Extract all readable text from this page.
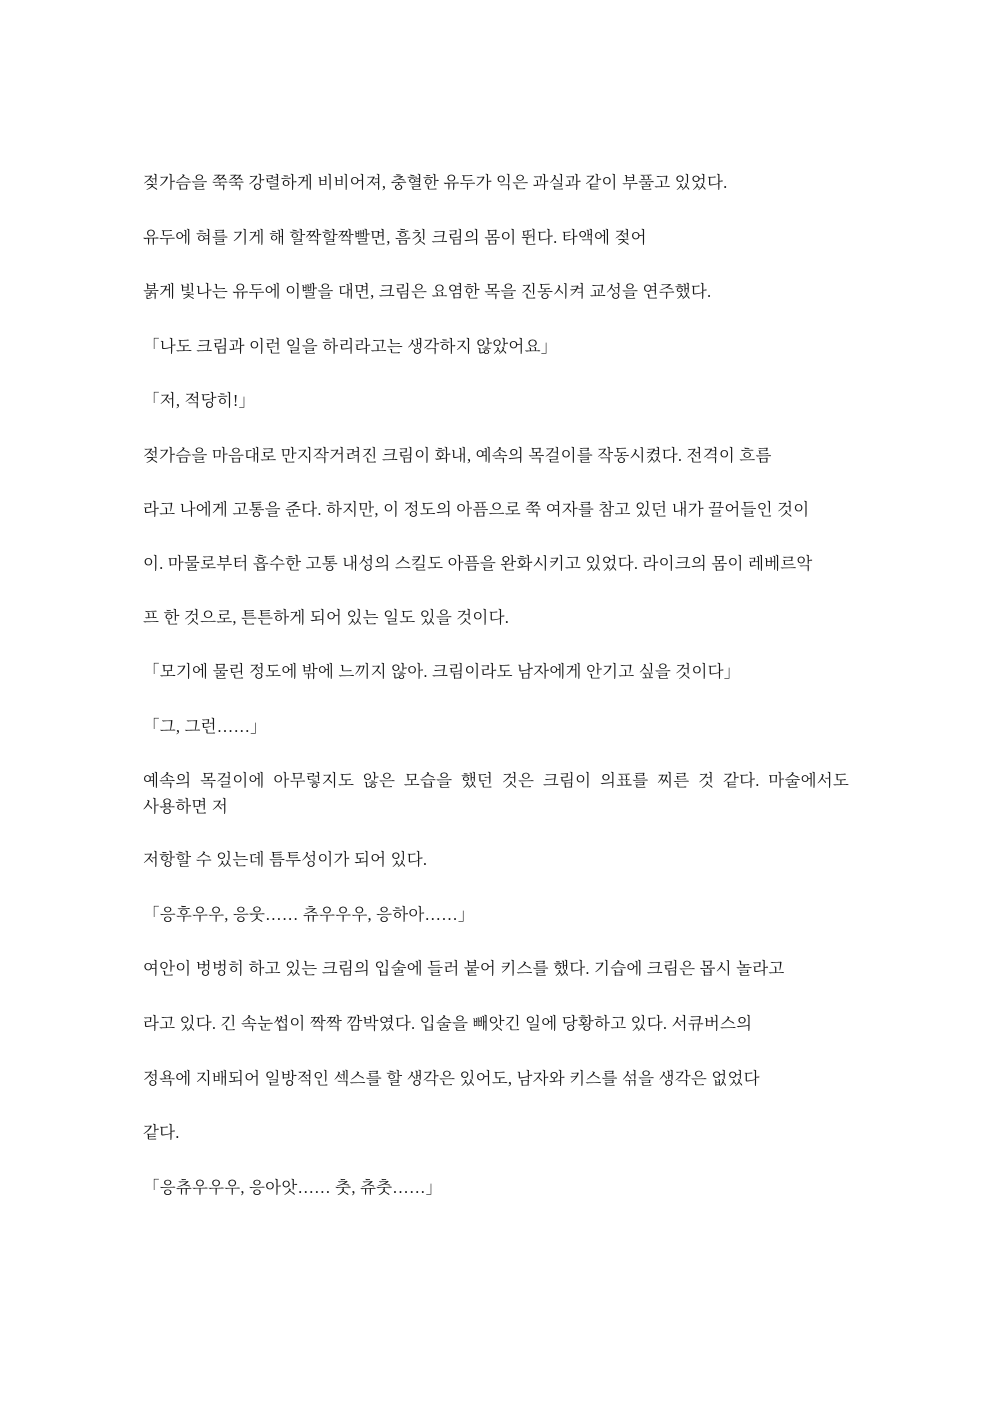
젖가슴을 쭉쭉 강렬하게 비비어져, 충혈한 유두가 익은 과실과 같이 부풀고 있었다.

유두에 혀를 기게 해 할짝할짝빨면, 흠칫 크림의 몸이 뛴다. 타액에 젖어

붉게 빛나는 유두에 이빨을 대면, 크림은 요염한 목을 진동시켜 교성을 연주했다.

「나도 크림과 이런 일을 하리라고는 생각하지 않았어요」

「저, 적당히!」

젖가슴을 마음대로 만지작거려진 크림이 화내, 예속의 목걸이를 작동시켰다. 전격이 흐름

라고 나에게 고통을 준다. 하지만, 이 정도의 아픔으로 쭉 여자를 참고 있던 내가 끌어들인 것이

이. 마물로부터 흡수한 고통 내성의 스킬도 아픔을 완화시키고 있었다. 라이크의 몸이 레베르악

프 한 것으로, 튼튼하게 되어 있는 일도 있을 것이다.

「모기에 물린 정도에 밖에 느끼지 않아. 크림이라도 남자에게 안기고 싶을 것이다」

「그, 그런……」

예속의 목걸이에 아무렇지도 않은 모습을 했던 것은 크림이 의표를 찌른 것 같다. 마술에서도 사용하면 저

저항할 수 있는데 틈투성이가 되어 있다.

「응후우우, 응웃…… 츄우우우, 응하아……」

여안이 벙벙히 하고 있는 크림의 입술에 들러 붙어 키스를 했다. 기습에 크림은 몹시 놀라고

라고 있다. 긴 속눈썹이 짝짝 깜박였다. 입술을 빼앗긴 일에 당황하고 있다. 서큐버스의

정욕에 지배되어 일방적인 섹스를 할 생각은 있어도, 남자와 키스를 섞을 생각은 없었다

같다.

「응츄우우우, 응아앗…… 춧, 츄춧……」
